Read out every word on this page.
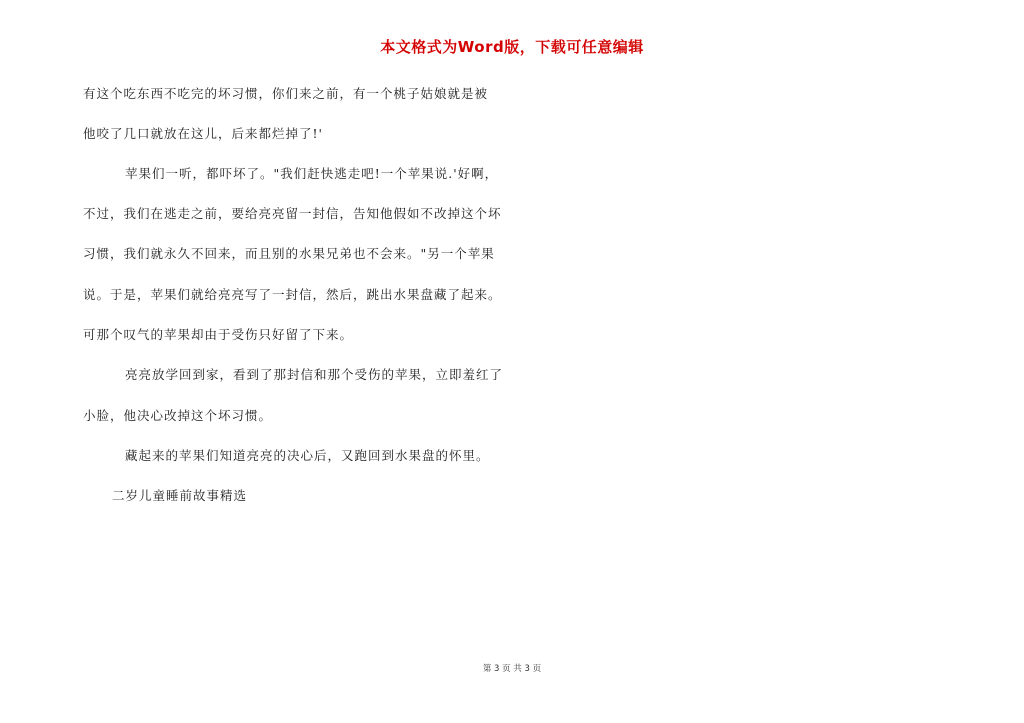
本文格式为Word版，下载可任意编辑
有这个吃东西不吃完的坏习惯，你们来之前，有一个桃子姑娘就是被
他咬了几口就放在这儿，后来都烂掉了!'
苹果们一听，都吓坏了。"我们赶快逃走吧!一个苹果说.'好啊，
不过，我们在逃走之前，要给亮亮留一封信，告知他假如不改掉这个坏
习惯，我们就永久不回来，而且别的水果兄弟也不会来。"另一个苹果
说。于是，苹果们就给亮亮写了一封信，然后，跳出水果盘藏了起来。
可那个叹气的苹果却由于受伤只好留了下来。
亮亮放学回到家，看到了那封信和那个受伤的苹果，立即羞红了
小脸，他决心改掉这个坏习惯。
藏起来的苹果们知道亮亮的决心后，又跑回到水果盘的怀里。
二岁儿童睡前故事精选
第 3 页 共 3 页
